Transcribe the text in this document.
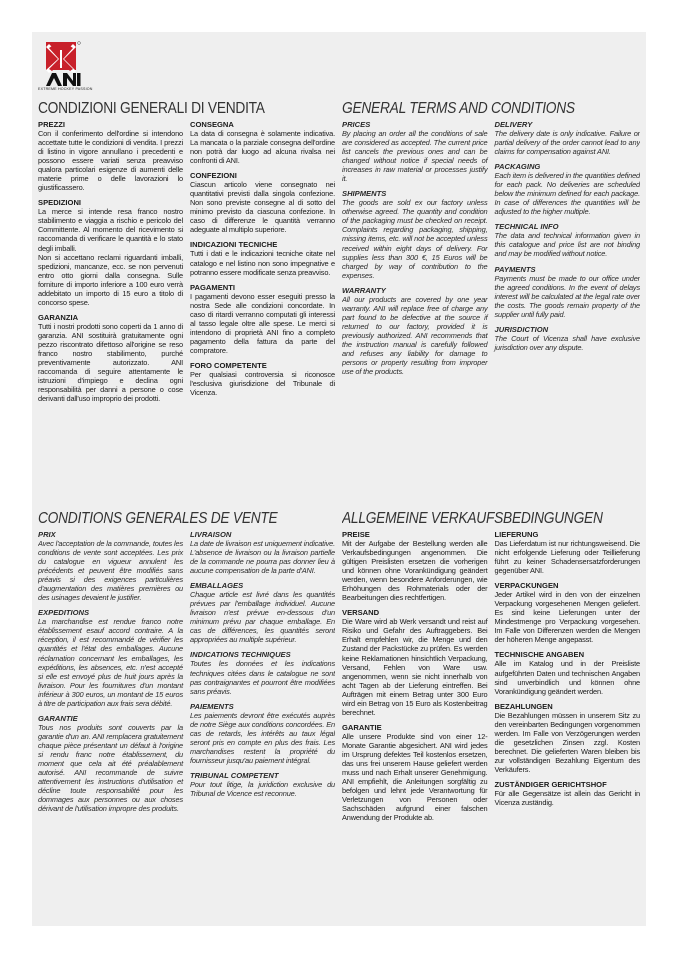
EXTREME HOCKEY PASSION
CONDIZIONI GENERALI DI VENDITA
PREZZI

Con il conferimento dell'ordine si intendono accettate tutte le condizioni di vendita. I prezzi di listino in vigore annullano i precedenti e possono essere variati senza preavviso qualora particolari esigenze di aumenti delle materie prime o delle lavorazioni lo giustificassero.

SPEDIZIONI

La merce si intende resa franco nostro stabilimento e viaggia a rischio e pericolo del Committente. Al momento del ricevimento si raccomanda di verificare le quantità e lo stato degli imballi.

Non si accettano reclami riguardanti imballi, spedizioni, mancanze, ecc. se non pervenuti entro otto giorni dalla consegna. Sulle forniture di importo inferiore a 100 euro verrà addebitato un importo di 15 euro a titolo di concorso spese.

GARANZIA

Tutti i nostri prodotti sono coperti da 1 anno di garanzia. ANI sostituirà gratuitamente ogni pezzo riscontrato difettoso all'origine se reso franco nostro stabilimento, purché preventivamente autorizzato. ANI raccomanda di seguire attentamente le istruzioni d'impiego e declina ogni responsabilità per danni a persone o cose derivanti dall'uso improprio dei prodotti.

CONSEGNA

La data di consegna è solamente indicativa. La mancata o la parziale consegna dell'ordine non potrà dar luogo ad alcuna rivalsa nei confronti di ANI.

CONFEZIONI

Ciascun articolo viene consegnato nei quantitativi previsti dalla singola confezione. Non sono previste consegne al di sotto del minimo previsto da ciascuna confezione. In caso di differenze le quantità verranno adeguate al multiplo superiore.

INDICAZIONI TECNICHE

Tutti i dati e le indicazioni tecniche citate nel catalogo e nel listino non sono impegnative e potranno essere modificate senza preavviso.

PAGAMENTI

I pagamenti devono esser eseguiti presso la nostra Sede alle condizioni concordate. In caso di ritardi verranno computati gli interessi al tasso legale oltre alle spese. Le merci si intendono di proprietà ANI fino a completo pagamento della fattura da parte del compratore.

FORO COMPETENTE

Per qualsiasi controversia si riconosce l'esclusiva giurisdizione del Tribunale di Vicenza.

GENERAL TERMS AND CONDITIONS
PRICES

By placing an order all the conditions of sale are considered as accepted. The current price list cancels the previous ones and can be changed without notice if special needs of increases in raw material or processes justify it.

SHIPMENTS

The goods are sold ex our factory unless otherwise agreed. The quantity and condition of the packaging must be checked on receipt. Complaints regarding packaging, shipping, missing items, etc. will not be accepted unless received within eight days of delivery. For supplies less than 300 €, 15 Euros will be charged by way of contribution to the expenses.

WARRANTY

All our products are covered by one year warranty. ANI will replace free of charge any part found to be defective at the source if returned to our factory, provided it is previously authorized. ANI recommends that the instruction manual is carefully followed and refuses any liability for damage to persons or property resulting from improper use of the products.

DELIVERY

The delivery date is only indicative. Failure or partial delivery of the order cannot lead to any claims for compensation against ANI.

PACKAGING

Each item is delivered in the quantities defined for each pack. No deliveries are scheduled below the minimum defined for each package. In case of differences the quantities will be adjusted to the higher multiple.

TECHNICAL INFO

The data and technical information given in this catalogue and price list are not binding and may be modified without notice.

PAYMENTS

Payments must be made to our office under the agreed conditions. In the event of delays interest will be calculated at the legal rate over the costs. The goods remain property of the supplier until fully paid.

JURISDICTION

The Court of Vicenza shall have exclusive jurisdiction over any dispute.

CONDITIONS GENERALES DE VENTE
PRIX

Avec l'acceptation de la commande, toutes les conditions de vente sont acceptées. Les prix du catalogue en vigueur annulent les précédents et peuvent être modifiés sans préavis si des exigences particulières d'augmentation des matières premières ou des usinages devaient le justifier.

EXPEDITIONS

La marchandise est rendue franco notre établissement esauf accord contraire. A la réception, il est recommandé de vérifier les quantités et l'état des emballages. Aucune réclamation concernant les emballages, les expéditions, les absences, etc. n'est accepté si elle est envoyé plus de huit jours après la livraison. Pour les fournitures d'un montant inférieur à 300 euros, un montant de 15 euros à titre de participation aux frais sera débité.

GARANTIE

Tous nos produits sont couverts par la garantie d'un an. ANI remplacera gratuitement chaque pièce présentant un défaut à l'origine si rendu franc notre établissement, du moment que cela ait été préalablement autorisé. ANI recommande de suivre attentivement les instructions d'utilisation et décline toute responsabilité pour les dommages aux personnes ou aux choses dérivant de l'utilisation impropre des produits.

LIVRAISON

La date de livraison est uniquement indicative. L'absence de livraison ou la livraison partielle de la commande ne pourra pas donner lieu à aucune compensation de la parte d'ANI.

EMBALLAGES

Chaque article est livré dans les quantités prévues par l'emballage individuel. Aucune livraison n'est prévue en-dessous d'un minimum prévu par chaque emballage. En cas de différences, les quantités seront appropriées au multiple supérieur.

INDICATIONS TECHNIQUES

Toutes les données et les indications techniques citées dans le catalogue ne sont pas contraignantes et pourront être modifiées sans préavis.

PAIEMENTS

Les paiements devront être exécutés auprès de notre Siège aux conditions concordées. En cas de retards, les intérêts au taux légal seront pris en compte en plus des frais. Les marchandises restent la propriété du fournisseur jusqu'au paiement intégral.

TRIBUNAL COMPETENT

Pour tout litige, la juridiction exclusive du Tribunal de Vicence est reconnue.

ALLGEMEINE VERKAUFSBEDINGUNGEN
PREISE

Mit der Aufgabe der Bestellung werden alle Verkaufsbedingungen angenommen. Die gültigen Preislisten ersetzen die vorherigen und können ohne Vorankündigung geändert werden, wenn besondere Anforderungen, wie Erhöhungen des Rohmaterials oder der Bearbeitungen dies rechtfertigen.

VERSAND

Die Ware wird ab Werk versandt und reist auf Risiko und Gefahr des Auftraggebers. Bei Erhalt empfehlen wir, die Menge und den Zustand der Packstücke zu prüfen. Es werden keine Reklamationen hinsichtlich Verpackung, Versand, Fehlen von Ware usw. angenommen, wenn sie nicht innerhalb von acht Tagen ab der Lieferung eintreffen. Bei Aufträgen mit einem Betrag unter 300 Euro wird ein Betrag von 15 Euro als Kostenbeitrag berechnet.

GARANTIE

Alle unsere Produkte sind von einer 12-Monate Garantie abgesichert. ANI wird jedes im Ursprung defektes Teil kostenlos ersetzen, das uns frei unserem Hause geliefert werden muss und nach Erhalt unserer Genehmigung. ANI empfiehlt, die Anleitungen sorgfältig zu befolgen und lehnt jede Verantwortung für Verletzungen von Personen oder Sachschäden aufgrund einer falschen Anwendung der Produkte ab.

LIEFERUNG

Das Lieferdatum ist nur richtungsweisend. Die nicht erfolgende Lieferung oder Teillieferung führt zu keiner Schadensersatzforderungen gegenüber ANI.

VERPACKUNGEN

Jeder Artikel wird in den von der einzelnen Verpackung vorgesehenen Mengen geliefert. Es sind keine Lieferungen unter der Mindestmenge pro Verpackung vorgesehen. Im Falle von Differenzen werden die Mengen der höheren Menge angepasst.

TECHNISCHE ANGABEN

Alle im Katalog und in der Preisliste aufgeführten Daten und technischen Angaben sind unverbindlich und können ohne Vorankündigung geändert werden.

BEZAHLUNGEN

Die Bezahlungen müssen in unserem Sitz zu den vereinbarten Bedingungen vorgenommen werden. Im Falle von Verzögerungen werden die gesetzlichen Zinsen zzgl. Kosten berechnet. Die gelieferten Waren bleiben bis zur vollständigen Bezahlung Eigentum des Verkäufers.

ZUSTÄNDIGER GERICHTSHOF

Für alle Gegensätze ist allein das Gericht in Vicenza zuständig.
